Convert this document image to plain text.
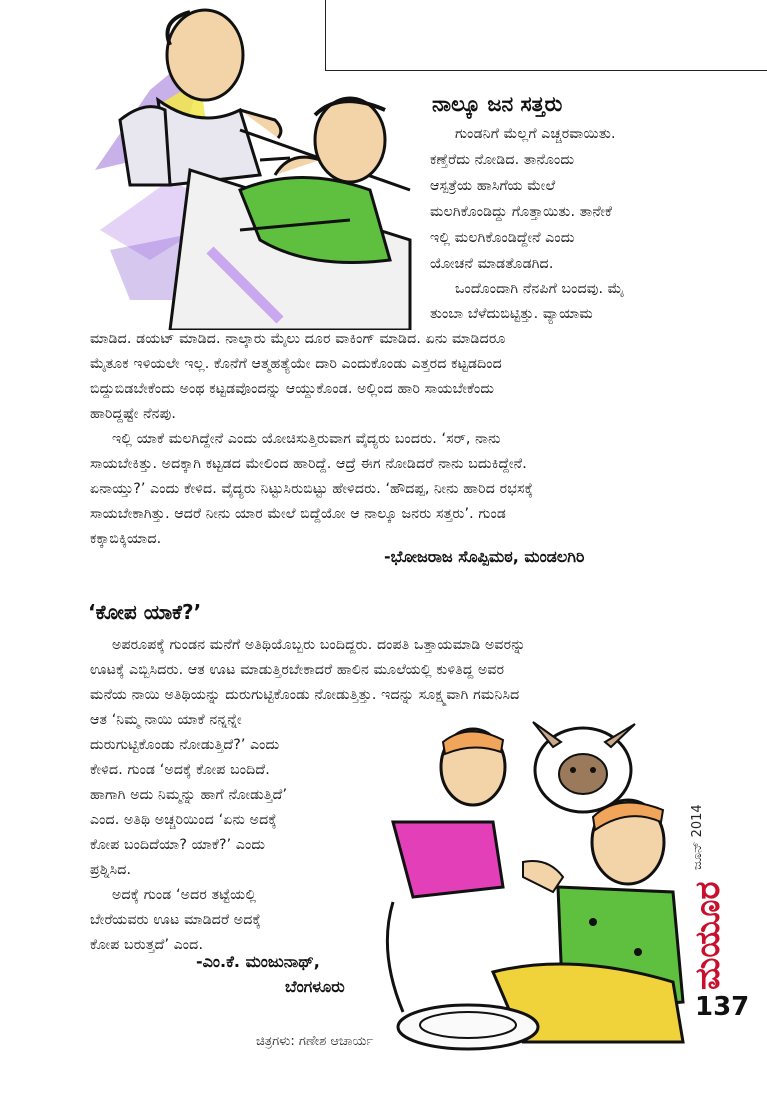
ನಾಲ್ಕೂ ಜನ ಸತ್ತರು
ಗುಂಡನಿಗೆ ಮೆಲ್ಲಗೆ ಎಚ್ಚರವಾಯಿತು.
ಕಣ್ತೆರೆದು ನೋಡಿದ. ತಾನೊಂದು
ಆಸ್ಪತ್ರೆಯ ಹಾಸಿಗೆಯ ಮೇಲೆ
ಮಲಗಿಕೊಂಡಿದ್ದು ಗೊತ್ತಾಯಿತು. ತಾನೇಕೆ
ಇಲ್ಲಿ ಮಲಗಿಕೊಂಡಿದ್ದೇನೆ ಎಂದು
ಯೋಚನೆ ಮಾಡತೊಡಗಿದ.
ಒಂದೊಂದಾಗಿ ನೆನಪಿಗೆ ಬಂದವು. ಮೈ
ತುಂಬಾ ಬೆಳೆದುಬಿಟ್ಟಿತ್ತು. ವ್ಯಾಯಾಮ
ಮಾಡಿದ. ಡಯಟ್ ಮಾಡಿದ. ನಾಲ್ಕಾರು ಮೈಲು ದೂರ ವಾಕಿಂಗ್ ಮಾಡಿದ. ಏನು ಮಾಡಿದರೂ
ಮೈತೂಕ ಇಳಿಯಲೇ ಇಲ್ಲ. ಕೊನೆಗೆ ಆತ್ಮಹತ್ಯೆಯೇ ದಾರಿ ಎಂದುಕೊಂಡು ಎತ್ತರದ ಕಟ್ಟಡದಿಂದ
ಬಿದ್ದುಬಿಡಬೇಕೆಂದು ಅಂಥ ಕಟ್ಟಡವೊಂದನ್ನು ಆಯ್ದುಕೊಂಡ. ಅಲ್ಲಿಂದ ಹಾರಿ ಸಾಯಬೇಕೆಂದು
ಹಾರಿದ್ದಷ್ಟೇ ನೆನಪು.
ಇಲ್ಲಿ ಯಾಕೆ ಮಲಗಿದ್ದೇನೆ ಎಂದು ಯೋಚಿಸುತ್ತಿರುವಾಗ ವೈದ್ಯರು ಬಂದರು. ‘ಸರ್, ನಾನು
ಸಾಯಬೇಕಿತ್ತು. ಅದಕ್ಕಾಗಿ ಕಟ್ಟಡದ ಮೇಲಿಂದ ಹಾರಿದ್ದೆ. ಆದ್ರೆ ಈಗ ನೋಡಿದರೆ ನಾನು ಬದುಕಿದ್ದೇನೆ.
ಏನಾಯ್ತು?’ ಎಂದು ಕೇಳಿದ. ವೈದ್ಯರು ನಿಟ್ಟುಸಿರುಬಿಟ್ಟು ಹೇಳಿದರು. ‘ಹೌದಪ್ಪ, ನೀನು ಹಾರಿದ ರಭಸಕ್ಕೆ
ಸಾಯಬೇಕಾಗಿತ್ತು. ಆದರೆ ನೀನು ಯಾರ ಮೇಲೆ ಬಿದ್ದೆಯೋ ಆ ನಾಲ್ಕೂ ಜನರು ಸತ್ತರು’. ಗುಂಡ
ಕಕ್ಕಾಬಿಕ್ಕಿಯಾದ.
-ಭೋಜರಾಜ ಸೊಪ್ಪಿಮಠ, ಮಂಡಲಗಿರಿ
‘ಕೋಪ ಯಾಕೆ?’
ಅಪರೂಪಕ್ಕೆ ಗುಂಡನ ಮನೆಗೆ ಅತಿಥಿಯೊಬ್ಬರು ಬಂದಿದ್ದರು. ದಂಪತಿ ಒತ್ತಾಯಮಾಡಿ ಅವರನ್ನು
ಊಟಕ್ಕೆ ಎಬ್ಬಿಸಿದರು. ಆತ ಊಟ ಮಾಡುತ್ತಿರಬೇಕಾದರೆ ಹಾಲಿನ ಮೂಲೆಯಲ್ಲಿ ಕುಳಿತಿದ್ದ ಅವರ
ಮನೆಯ ನಾಯಿ ಅತಿಥಿಯನ್ನು ದುರುಗುಟ್ಟಿಕೊಂಡು ನೋಡುತ್ತಿತ್ತು. ಇದನ್ನು ಸೂಕ್ಷ್ಮವಾಗಿ ಗಮನಿಸಿದ
ಆತ ‘ನಿಮ್ಮ ನಾಯಿ ಯಾಕೆ ನನ್ನನ್ನೇ
ದುರುಗುಟ್ಟಿಕೊಂಡು ನೋಡುತ್ತಿದೆ?’ ಎಂದು
ಕೇಳಿದ. ಗುಂಡ ‘ಅದಕ್ಕೆ ಕೋಪ ಬಂದಿದೆ.
ಹಾಗಾಗಿ ಅದು ನಿಮ್ಮನ್ನು ಹಾಗೆ ನೋಡುತ್ತಿದೆ’
ಎಂದ. ಅತಿಥಿ ಅಚ್ಚರಿಯಿಂದ ‘ಏನು ಅದಕ್ಕೆ
ಕೋಪ ಬಂದಿದೆಯಾ? ಯಾಕೆ?’ ಎಂದು
ಪ್ರಶ್ನಿಸಿದ.
ಅದಕ್ಕೆ ಗುಂಡ ‘ಅದರ ತಟ್ಟೆಯಲ್ಲಿ
ಬೇರೆಯವರು ಊಟ ಮಾಡಿದರೆ ಅದಕ್ಕೆ
ಕೋಪ ಬರುತ್ತದೆ’ ಎಂದ.
-ಎಂ.ಕೆ. ಮಂಜುನಾಥ್,
ಬೆಂಗಳೂರು
ಜೂನ್ 2014
ಮಯೂರ
137
ಚಿತ್ರಗಳು: ಗಣೇಶ ಆಚಾರ್ಯ
